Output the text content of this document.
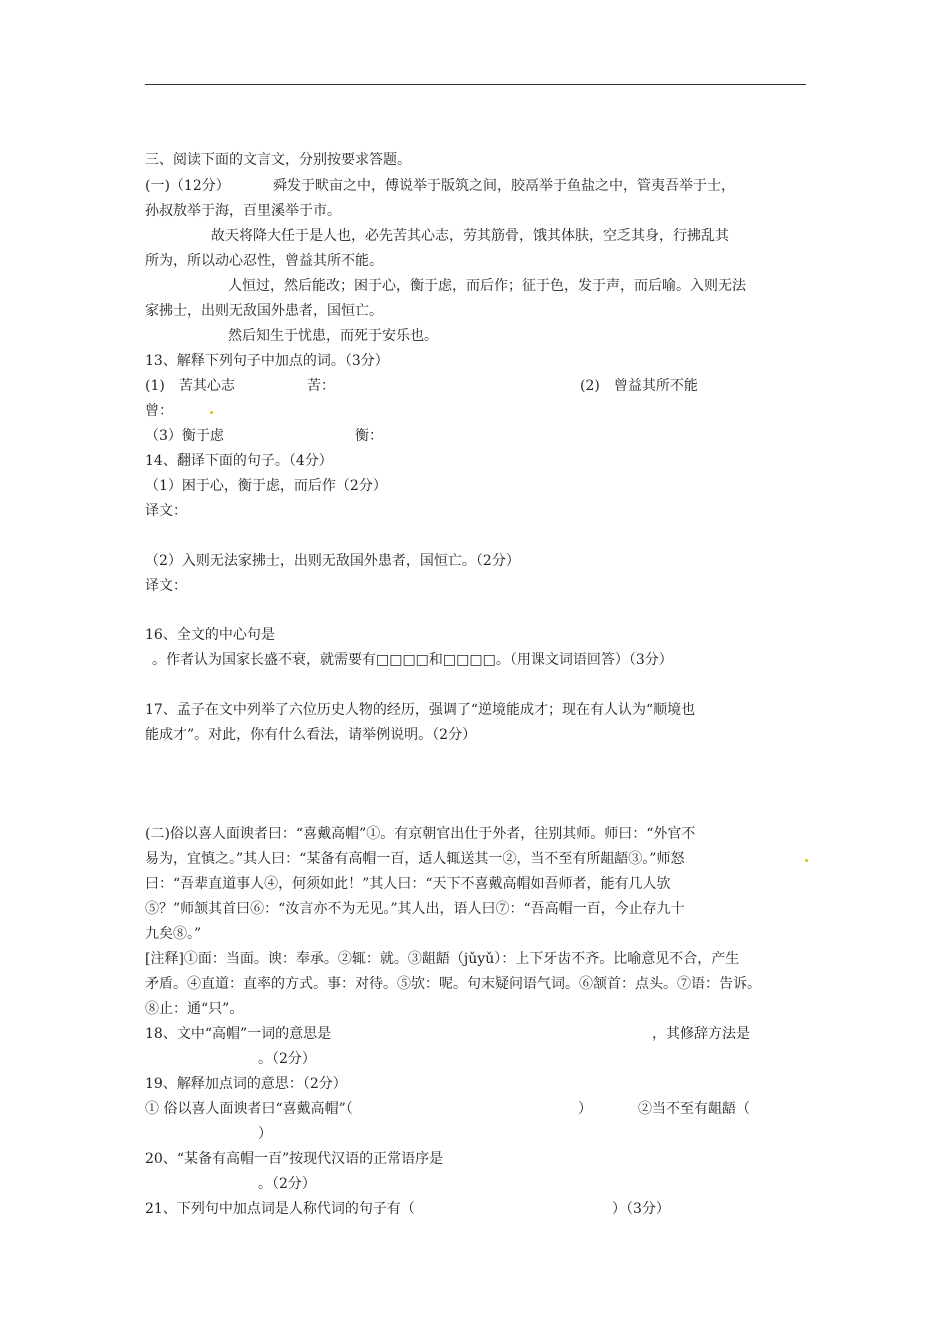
三、阅读下面的文言文，分别按要求答题。
(一)（12分）	舜发于畎亩之中，傅说举于版筑之间，胶鬲举于鱼盐之中，管夷吾举于士，
孙叔敖举于海，百里溪举于市。
故天将降大任于是人也，必先苦其心志，劳其筋骨，饿其体肤，空乏其身，行拂乱其
所为，所以动心忍性，曾益其所不能。
人恒过，然后能改；困于心，衡于虑，而后作；征于色，发于声，而后喻。入则无法
家拂士，出则无敌国外患者，国恒亡。
然后知生于忧患，而死于安乐也。
13、解释下列句子中加点的词。（3分）
(1)　苦其心志	苦：	(2)　曾益其所不能
曾：
（3）衡于虑	衡：
14、翻译下面的句子。（4分）
（1）困于心，衡于虑，而后作（2分）
译文：
（2）入则无法家拂士，出则无敌国外患者，国恒亡。（2分）
译文：
16、全文的中心句是
。作者认为国家长盛不衰，就需要有□□□□和□□□□。（用课文词语回答）（3分）
17、孟子在文中列举了六位历史人物的经历，强调了“逆境能成才；现在有人认为“顺境也
能成才”。对此，你有什么看法，请举例说明。（2分）
(二)俗以喜人面谀者曰：“喜戴高帽”①。有京朝官出仕于外者，往别其师。师曰：“外官不
易为，宜慎之。”其人曰：“某备有高帽一百，适人辄送其一②，当不至有所龃龉③。”师怒
曰：“吾辈直道事人④，何须如此！”其人曰：“天下不喜戴高帽如吾师者，能有几人欤
⑤？”师颔其首曰⑥：“汝言亦不为无见。”其人出，语人曰⑦：“吾高帽一百，今止存九十
九矣⑧。”
[注释]①面：当面。谀：奉承。②辄：就。③龃龉（jǔyǔ）：上下牙齿不齐。比喻意见不合，产生
矛盾。④直道：直率的方式。事：对待。⑤欤：呢。句末疑问语气词。⑥颔首：点头。⑦语：告诉。
⑧止：通“只”。
18、文中“高帽”一词的意思是	，其修辞方法是
。（2分）
19、解释加点词的意思：（2分）
① 俗以喜人面谀者曰“喜戴高帽”（	）	②当不至有龃龉（
）
20、“某备有高帽一百”按现代汉语的正常语序是
。（2分）
21、下列句中加点词是人称代词的句子有（	）（3分）
